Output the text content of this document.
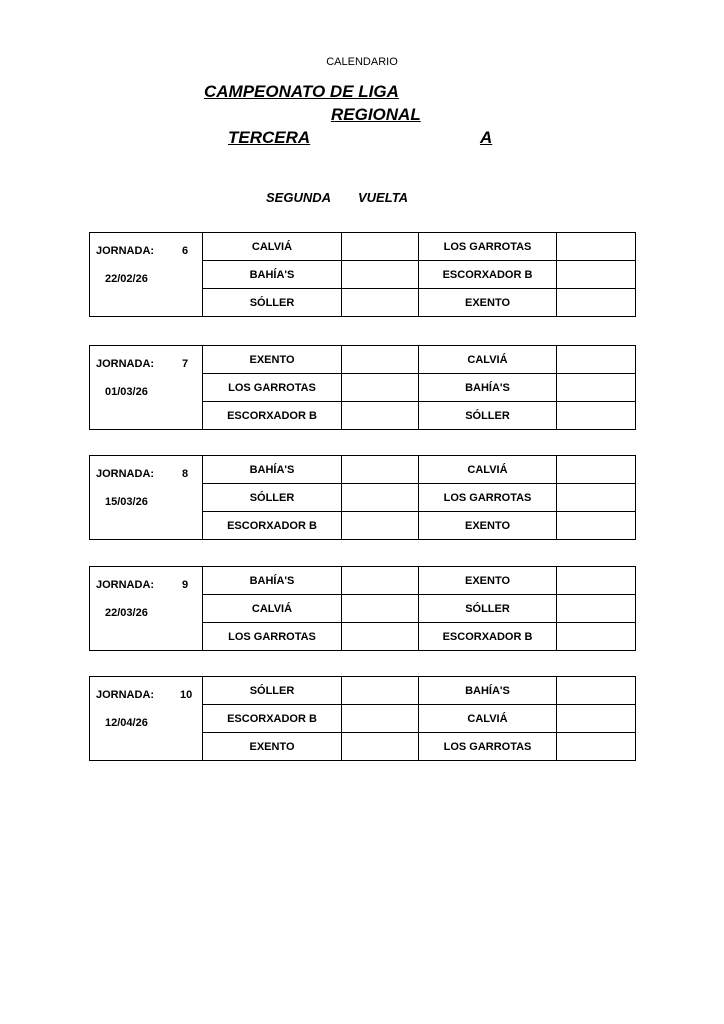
CALENDARIO
CAMPEONATO DE LIGA
REGIONAL
TERCERA	A
SEGUNDA VUELTA
JORNADA: 6
22/02/26	CALVIÁ		LOS GARROTAS	
	BAHÍA'S		ESCORXADOR B	
	SÓLLER		EXENTO	
JORNADA: 7
01/03/26	EXENTO		CALVIÁ	
	LOS GARROTAS		BAHÍA'S	
	ESCORXADOR B		SÓLLER	
JORNADA: 8
15/03/26	BAHÍA'S		CALVIÁ	
	SÓLLER		LOS GARROTAS	
	ESCORXADOR B		EXENTO	
JORNADA: 9
22/03/26	BAHÍA'S		EXENTO	
	CALVIÁ		SÓLLER	
	LOS GARROTAS		ESCORXADOR B	
JORNADA: 10
12/04/26	SÓLLER		BAHÍA'S	
	ESCORXADOR B		CALVIÁ	
	EXENTO		LOS GARROTAS	
